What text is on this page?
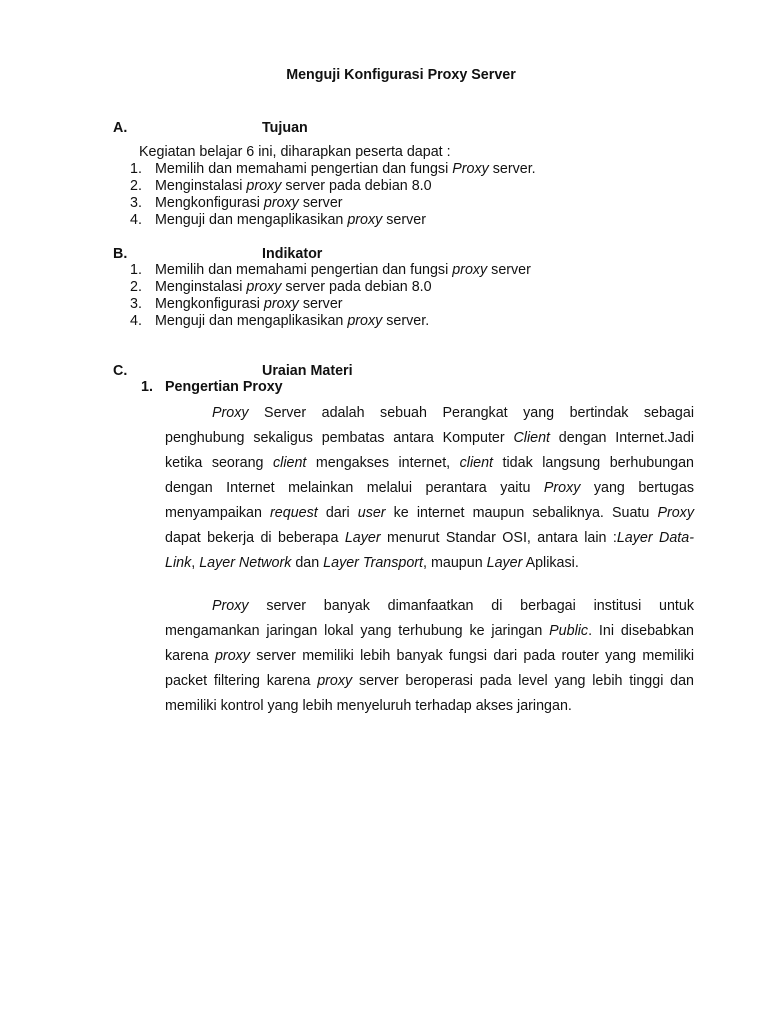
Menguji Konfigurasi Proxy Server
A.	Tujuan
Kegiatan belajar 6 ini, diharapkan peserta dapat :
1. Memilih dan memahami pengertian dan fungsi Proxy server.
2. Menginstalasi proxy server pada debian 8.0
3. Mengkonfigurasi proxy server
4. Menguji dan mengaplikasikan proxy server
B.	Indikator
1. Memilih dan memahami pengertian dan fungsi proxy server
2. Menginstalasi proxy server pada debian 8.0
3. Mengkonfigurasi proxy server
4. Menguji dan mengaplikasikan proxy server.
C.	Uraian Materi
1. Pengertian Proxy

Proxy Server adalah sebuah Perangkat yang bertindak sebagai penghubung sekaligus pembatas antara Komputer Client dengan Internet.Jadi ketika seorang client mengakses internet, client tidak langsung berhubungan dengan Internet melainkan melalui perantara yaitu Proxy yang bertugas menyampaikan request dari user ke internet maupun sebaliknya. Suatu Proxy dapat bekerja di beberapa Layer menurut Standar OSI, antara lain :Layer Data-Link, Layer Network dan Layer Transport, maupun Layer Aplikasi.

Proxy server banyak dimanfaatkan di berbagai institusi untuk mengamankan jaringan lokal yang terhubung ke jaringan Public. Ini disebabkan karena proxy server memiliki lebih banyak fungsi dari pada router yang memiliki packet filtering karena proxy server beroperasi pada level yang lebih tinggi dan memiliki kontrol yang lebih menyeluruh terhadap akses jaringan.
